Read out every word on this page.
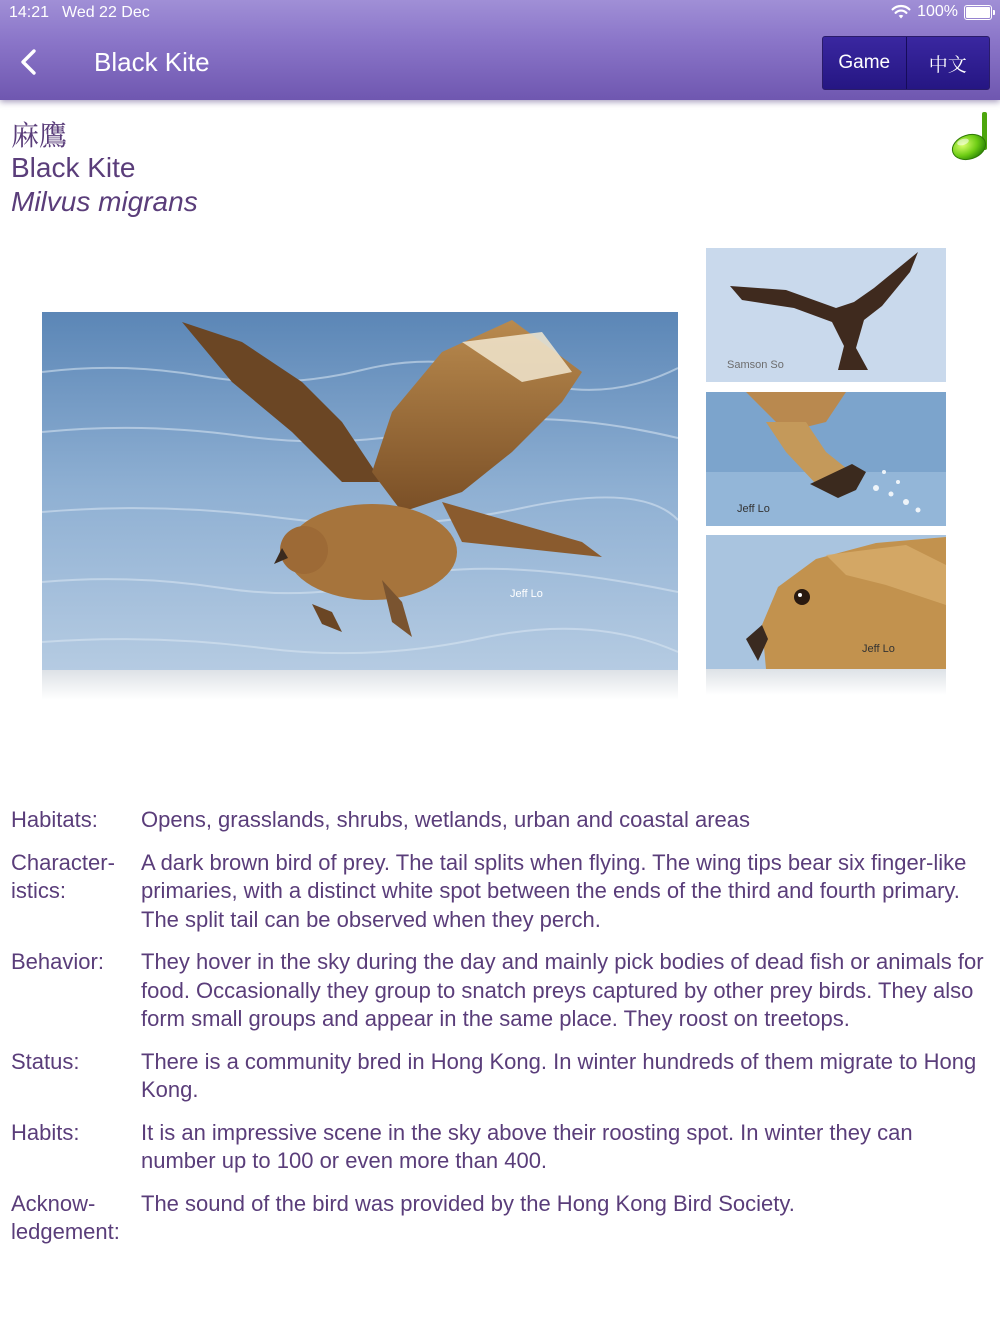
14:21 Wed 22 Dec	100%
Black Kite	Game	中文
麻鷹
Black Kite
Milvus migrans
Jeff Lo
Samson So
Jeff Lo
Jeff Lo
Habitats:	Opens, grasslands, shrubs, wetlands, urban and coastal areas
Character-
istics:
A dark brown bird of prey. The tail splits when flying. The wing tips bear six finger-like primaries, with a distinct white spot between the ends of the third and fourth primary. The split tail can be observed when they perch.
Behavior:	They hover in the sky during the day and mainly pick bodies of dead fish or animals for food. Occasionally they group to snatch preys captured by other prey birds. They also form small groups and appear in the same place. They roost on treetops.
Status:	There is a community bred in Hong Kong. In winter hundreds of them migrate to Hong Kong.
Habits:	It is an impressive scene in the sky above their roosting spot. In winter they can number up to 100 or even more than 400.
Acknow-
ledgement:
The sound of the bird was provided by the Hong Kong Bird Society.
